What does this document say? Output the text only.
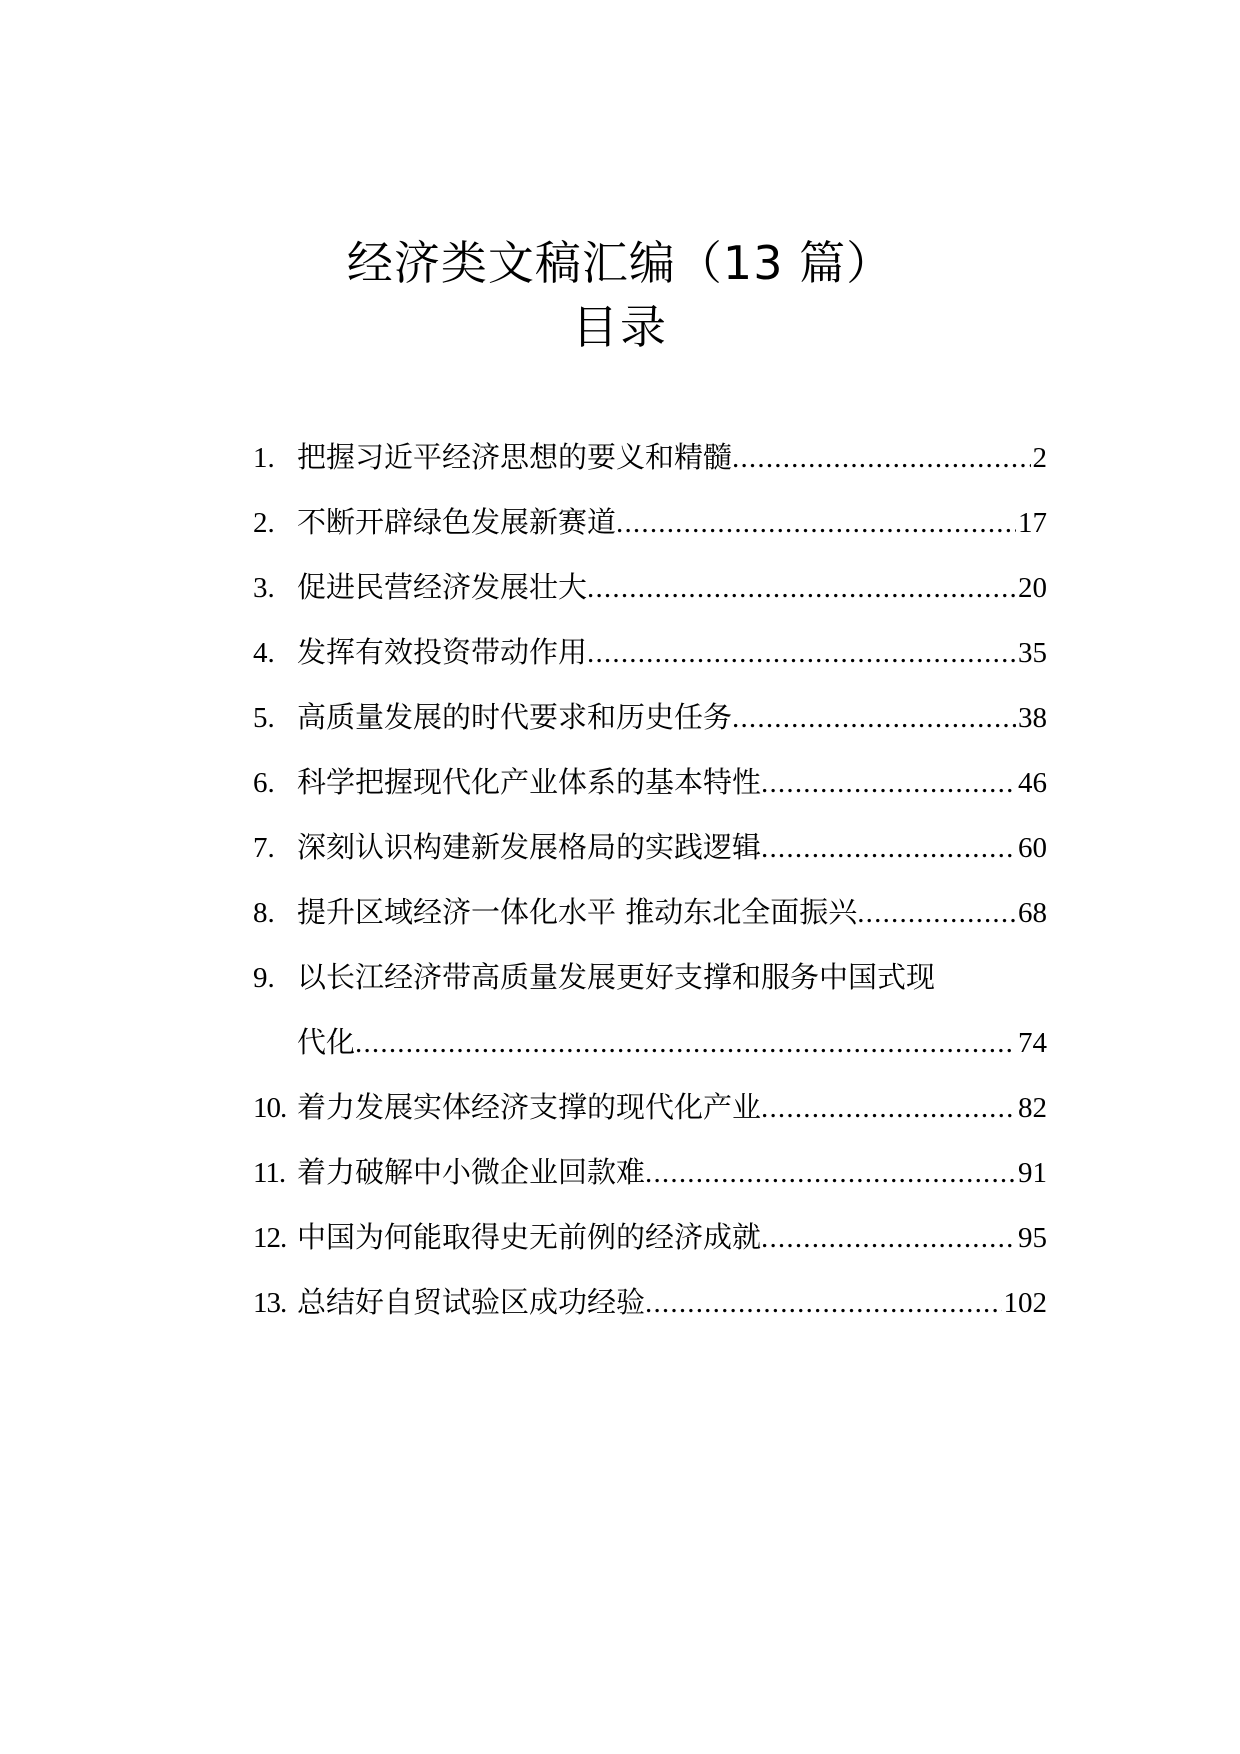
经济类文稿汇编（13 篇）
目录
1. 把握习近平经济思想的要义和精髓 .....	2
2. 不断开辟绿色发展新赛道 .....	17
3. 促进民营经济发展壮大 .....	20
4. 发挥有效投资带动作用 .....	35
5. 高质量发展的时代要求和历史任务 .....	38
6. 科学把握现代化产业体系的基本特性 .....	46
7. 深刻认识构建新发展格局的实践逻辑 .....	60
8. 提升区域经济一体化水平 推动东北全面振兴 .....	68
9. 以长江经济带高质量发展更好支撑和服务中国式现
代化 .....	74
10. 着力发展实体经济支撑的现代化产业 .....	82
11. 着力破解中小微企业回款难 .....	91
12. 中国为何能取得史无前例的经济成就 .....	95
13. 总结好自贸试验区成功经验 .....	102
